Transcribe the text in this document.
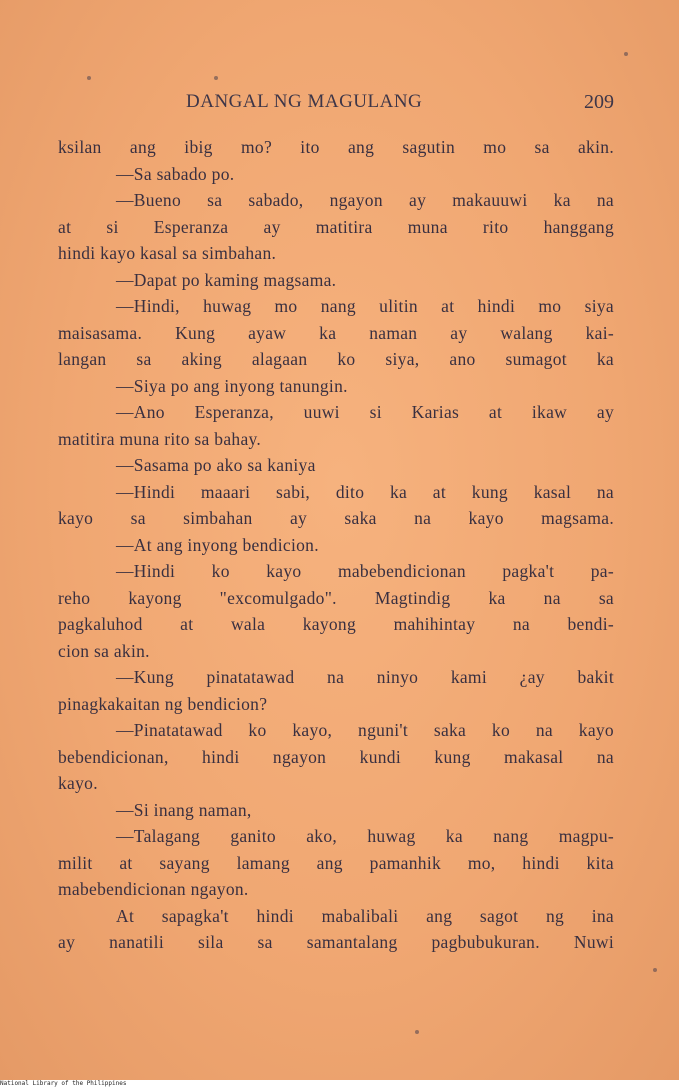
DANGAL NG MAGULANG	209
ksilan ang ibig mo? ito ang sagutin mo sa akin.
—Sa sabado po.
—Bueno sa sabado, ngayon ay makauuwi ka na
at si Esperanza ay matitira muna rito hanggang
hindi kayo kasal sa simbahan.
—Dapat po kaming magsama.
—Hindi, huwag mo nang ulitin at hindi mo siya
maisasama. Kung ayaw ka naman ay walang kai-
langan sa aking alagaan ko siya, ano sumagot ka
—Siya po ang inyong tanungin.
—Ano Esperanza, uuwi si Karias at ikaw ay
matitira muna rito sa bahay.
—Sasama po ako sa kaniya
—Hindi maaari sabi, dito ka at kung kasal na
kayo sa simbahan ay saka na kayo magsama.
—At ang inyong bendicion.
—Hindi ko kayo mabebendicionan pagka't pa-
reho kayong "excomulgado". Magtindig ka na sa
pagkaluhod at wala kayong mahihintay na bendi-
cion sa akin.
—Kung pinatatawad na ninyo kami ¿ay bakit
pinagkakaitan ng bendicion?
—Pinatatawad ko kayo, nguni't saka ko na kayo
bebendicionan, hindi ngayon kundi kung makasal na
kayo.
—Si inang naman,
—Talagang ganito ako, huwag ka nang magpu-
milit at sayang lamang ang pamanhik mo, hindi kita
mabebendicionan ngayon.
At sapagka't hindi mabalibali ang sagot ng ina
ay nanatili sila sa samantalang pagbubukuran. Nuwi
National Library of the Philippines
